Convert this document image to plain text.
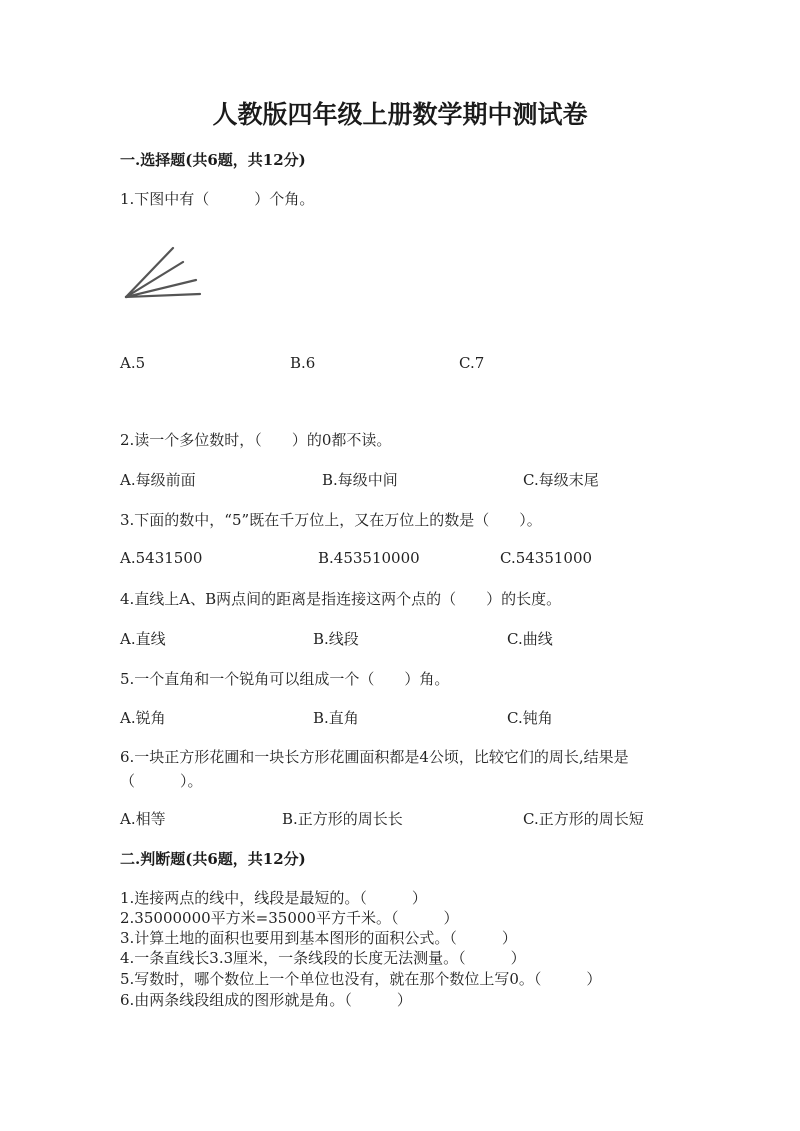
人教版四年级上册数学期中测试卷
一.选择题(共6题，共12分)
1.下图中有（　　　）个角。
A.5	B.6	C.7
2.读一个多位数时，（　　）的0都不读。
A.每级前面	B.每级中间	C.每级末尾
3.下面的数中，“5”既在千万位上，又在万位上的数是（　　）。
A.5431500	B.453510000	C.54351000
4.直线上A、B两点间的距离是指连接这两个点的（　　）的长度。
A.直线	B.线段	C.曲线
5.一个直角和一个锐角可以组成一个（　　）角。
A.锐角	B.直角	C.钝角
6.一块正方形花圃和一块长方形花圃面积都是4公顷，比较它们的周长,结果是（　　　）。
A.相等	B.正方形的周长长	C.正方形的周长短
二.判断题(共6题，共12分)
1.连接两点的线中，线段是最短的。（　　　）
2.35000000平方米=35000平方千米。（　　　）
3.计算土地的面积也要用到基本图形的面积公式。（　　　）
4.一条直线长3.3厘米，一条线段的长度无法测量。（　　　）
5.写数时，哪个数位上一个单位也没有，就在那个数位上写0。（　　　）
6.由两条线段组成的图形就是角。（　　　）
